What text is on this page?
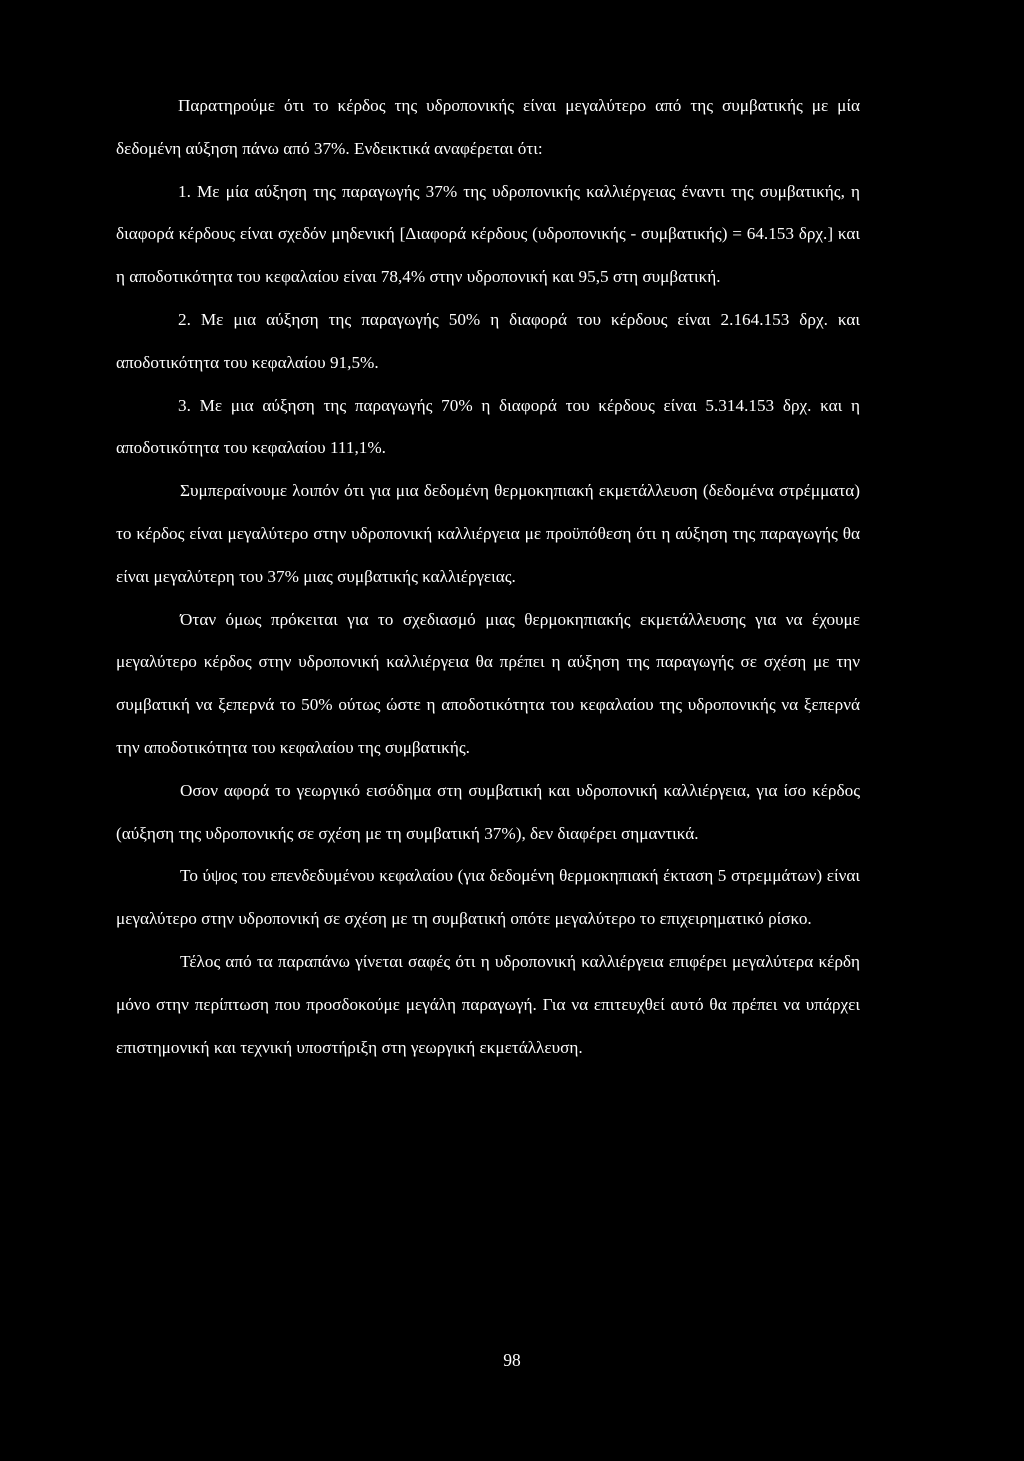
Παρατηρούμε ότι το κέρδος της υδροπονικής είναι μεγαλύτερο από της συμβατικής με μία δεδομένη αύξηση πάνω από 37%. Ενδεικτικά αναφέρεται ότι:

1. Με μία αύξηση της παραγωγής 37% της υδροπονικής καλλιέργειας έναντι της συμβατικής, η διαφορά κέρδους είναι σχεδόν μηδενική [Διαφορά κέρδους (υδροπονικής - συμβατικής) = 64.153 δρχ.] και η αποδοτικότητα του κεφαλαίου είναι 78,4% στην υδροπονική και 95,5 στη συμβατική.

2. Με μια αύξηση της παραγωγής 50% η διαφορά του κέρδους είναι 2.164.153 δρχ. και αποδοτικότητα του κεφαλαίου 91,5%.

3. Με μια αύξηση της παραγωγής 70% η διαφορά του κέρδους είναι 5.314.153 δρχ. και η αποδοτικότητα του κεφαλαίου 111,1%.

Συμπεραίνουμε λοιπόν ότι για μια δεδομένη θερμοκηπιακή εκμετάλλευση (δεδομένα στρέμματα) το κέρδος είναι μεγαλύτερο στην υδροπονική καλλιέργεια με προϋπόθεση ότι η αύξηση της παραγωγής θα είναι μεγαλύτερη του 37% μιας συμβατικής καλλιέργειας.

Όταν όμως πρόκειται για το σχεδιασμό μιας θερμοκηπιακής εκμετάλλευσης για να έχουμε μεγαλύτερο κέρδος στην υδροπονική καλλιέργεια θα πρέπει η αύξηση της παραγωγής σε σχέση με την συμβατική να ξεπερνά το 50% ούτως ώστε η αποδοτικότητα του κεφαλαίου της υδροπονικής να ξεπερνά την αποδοτικότητα του κεφαλαίου της συμβατικής.

Οσον αφορά το γεωργικό εισόδημα στη συμβατική και υδροπονική καλλιέργεια, για ίσο κέρδος (αύξηση της υδροπονικής σε σχέση με τη συμβατική 37%), δεν διαφέρει σημαντικά.

Το ύψος του επενδεδυμένου κεφαλαίου (για δεδομένη θερμοκηπιακή έκταση 5 στρεμμάτων) είναι μεγαλύτερο στην υδροπονική σε σχέση με τη συμβατική οπότε μεγαλύτερο το επιχειρηματικό ρίσκο.

Τέλος από τα παραπάνω γίνεται σαφές ότι η υδροπονική καλλιέργεια επιφέρει μεγαλύτερα κέρδη μόνο στην περίπτωση που προσδοκούμε μεγάλη παραγωγή. Για να επιτευχθεί αυτό θα πρέπει να υπάρχει επιστημονική και τεχνική υποστήριξη στη γεωργική εκμετάλλευση.

98
